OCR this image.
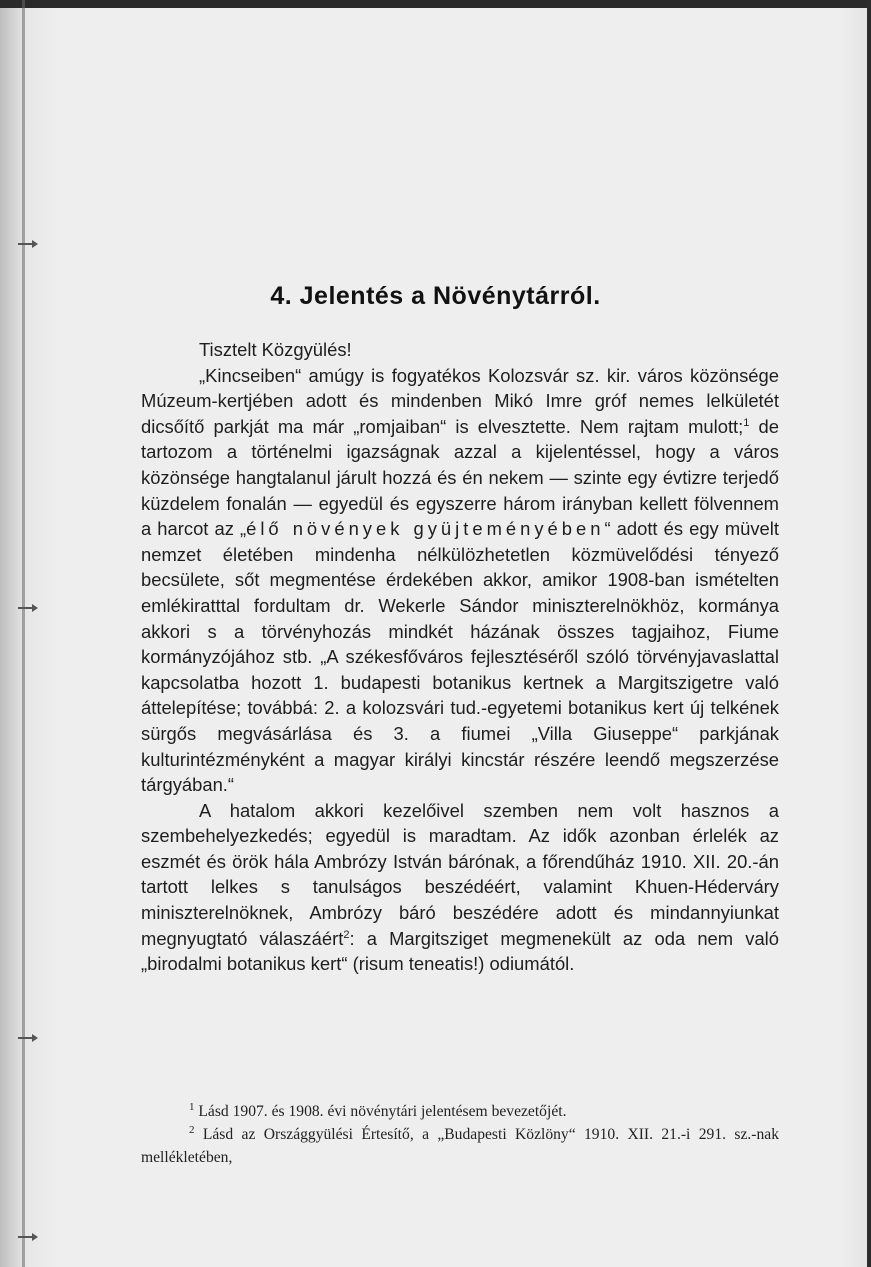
4. Jelentés a Növénytárról.

Tisztelt Közgyülés!

„Kincseiben“ amúgy is fogyatékos Kolozsvár sz. kir. város közönsége Múzeum-kertjében adott és mindenben Mikó Imre gróf nemes lelkületét dicsőítő parkját ma már „romjaiban“ is elvesztette. Nem rajtam mulott;$^1$ de tartozom a történelmi igazságnak azzal a kijelentéssel, hogy a város közönsége hangtalanul járult hozzá és én nekem — szinte egy évtizre terjedő küzdelem fonalán — egyedül és egyszerre három irányban kellett fölvennem a harcot az „élő növények gyüjteményében“ adott és egy müvelt nemzet életében mindenha nélkülözhetetlen közmüvelődési tényező becsülete, sőt megmentése érdekében akkor, amikor 1908-ban ismételten emlékiratttal fordultam dr. Wekerle Sándor miniszterelnökhöz, kormánya akkori s a törvényhozás mindkét házának összes tagjaihoz, Fiume kormányzójához stb. „A székesfőváros fejlesztéséről szóló törvényjavaslattal kapcsolatba hozott 1. budapesti botanikus kertnek a Margitszigetre való áttelepítése; továbbá: 2. a kolozsvári tud.-egyetemi botanikus kert új telkének sürgős megvásárlása és 3. a fiumei „Villa Giuseppe“ parkjának kulturintézményként a magyar királyi kincstár részére leendő megszerzése tárgyában.“

A hatalom akkori kezelőivel szemben nem volt hasznos a szembehelyezkedés; egyedül is maradtam. Az idők azonban érlelék az eszmét és örök hála Ambrózy István bárónak, a főrendűház 1910. XII. 20.-án tartott lelkes s tanulságos beszédéért, valamint Khuen-Héderváry miniszterelnöknek, Ambrózy báró beszédére adott és mindannyiunkat megnyugtató válaszáért$^2$: a Margitsziget megmenekült az oda nem való „birodalmi botanikus kert“ (risum teneatis!) odiumától.

$^1$ Lásd 1907. és 1908. évi növénytári jelentésem bevezetőjét.

$^2$ Lásd az Országgyülési Értesítő, a „Budapesti Közlöny“ 1910. XII. 21.-i 291. sz.-nak mellékletében,
